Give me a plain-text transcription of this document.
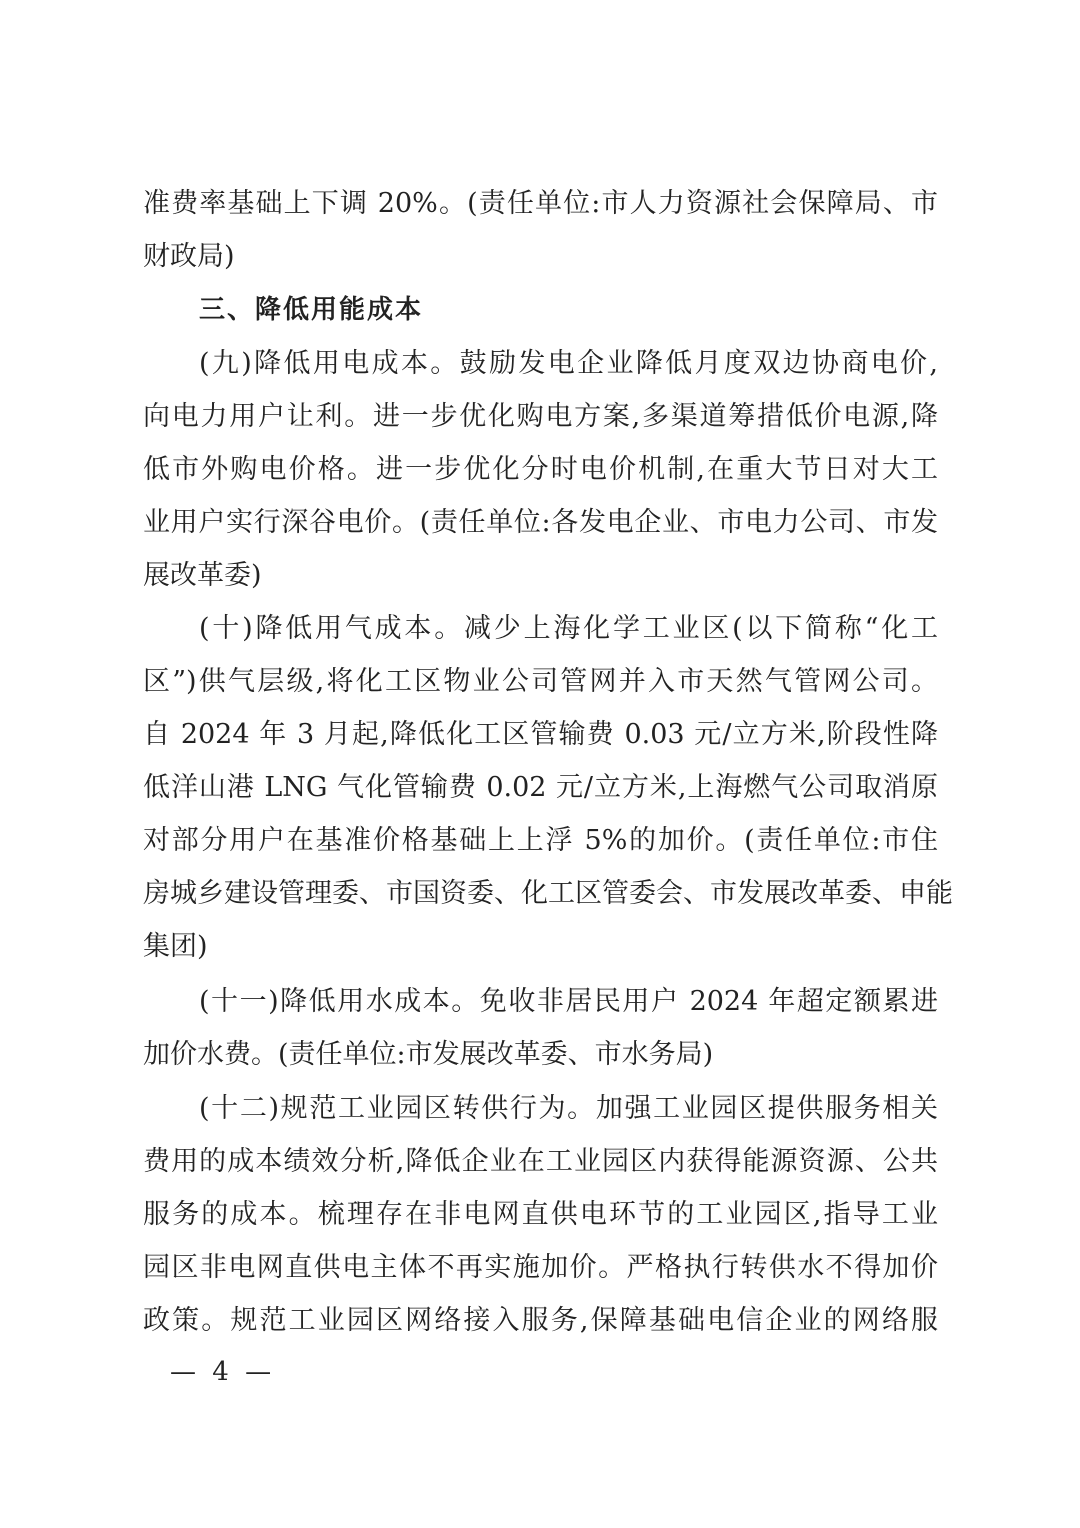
准费率基础上下调 20%。(责任单位:市人力资源社会保障局、市
财政局)
三、降低用能成本
(九)降低用电成本。鼓励发电企业降低月度双边协商电价,
向电力用户让利。进一步优化购电方案,多渠道筹措低价电源,降
低市外购电价格。进一步优化分时电价机制,在重大节日对大工
业用户实行深谷电价。(责任单位:各发电企业、市电力公司、市发
展改革委)
(十)降低用气成本。减少上海化学工业区(以下简称“化工
区”)供气层级,将化工区物业公司管网并入市天然气管网公司。
自 2024 年 3 月起,降低化工区管输费 0.03 元/立方米,阶段性降
低洋山港 LNG 气化管输费 0.02 元/立方米,上海燃气公司取消原
对部分用户在基准价格基础上上浮 5%的加价。(责任单位:市住
房城乡建设管理委、市国资委、化工区管委会、市发展改革委、申能
集团)
(十一)降低用水成本。免收非居民用户 2024 年超定额累进
加价水费。(责任单位:市发展改革委、市水务局)
(十二)规范工业园区转供行为。加强工业园区提供服务相关
费用的成本绩效分析,降低企业在工业园区内获得能源资源、公共
服务的成本。梳理存在非电网直供电环节的工业园区,指导工业
园区非电网直供电主体不再实施加价。严格执行转供水不得加价
政策。规范工业园区网络接入服务,保障基础电信企业的网络服
— 4 —
